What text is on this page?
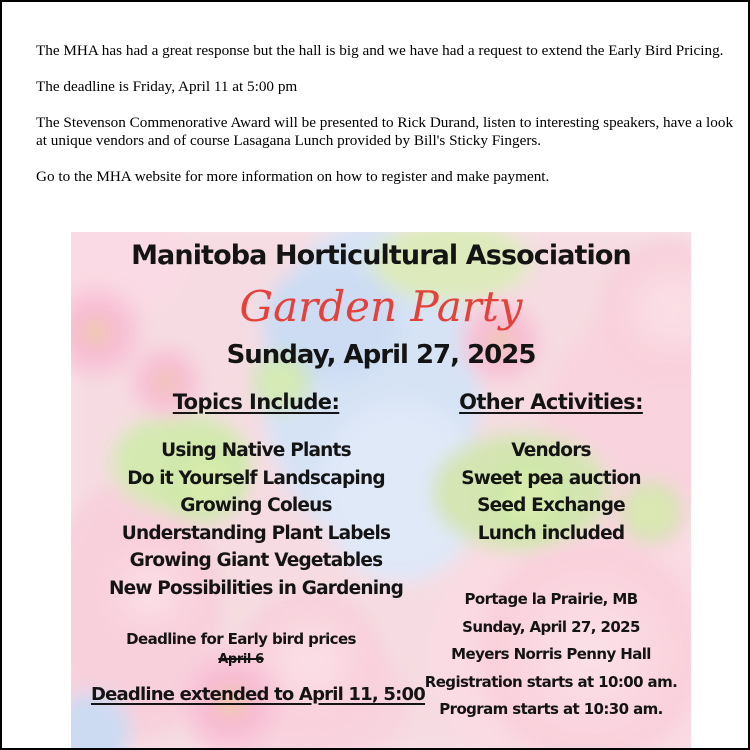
The MHA has had a great response but the hall is big and we have had a request to extend the Early Bird Pricing.

The deadline is Friday, April 11 at 5:00 pm

The Stevenson Commenorative Award will be presented to Rick Durand, listen to interesting speakers, have a look at unique vendors and of course Lasagana Lunch provided by Bill's Sticky Fingers.

Go to the MHA website for more information on how to register and make payment.

Manitoba Horticultural Association
Garden Party
Sunday, April 27, 2025
Topics Include:
Using Native Plants
Do it Yourself Landscaping
Growing Coleus
Understanding Plant Labels
Growing Giant Vegetables
New Possibilities in Gardening
Other Activities:
Vendors
Sweet pea auction
Seed Exchange
Lunch included
Deadline for Early bird prices
April 6
Deadline extended to April 11, 5:00
Portage la Prairie, MB
Sunday, April 27, 2025
Meyers Norris Penny Hall
Registration starts at 10:00 am.
Program starts at 10:30 am.
